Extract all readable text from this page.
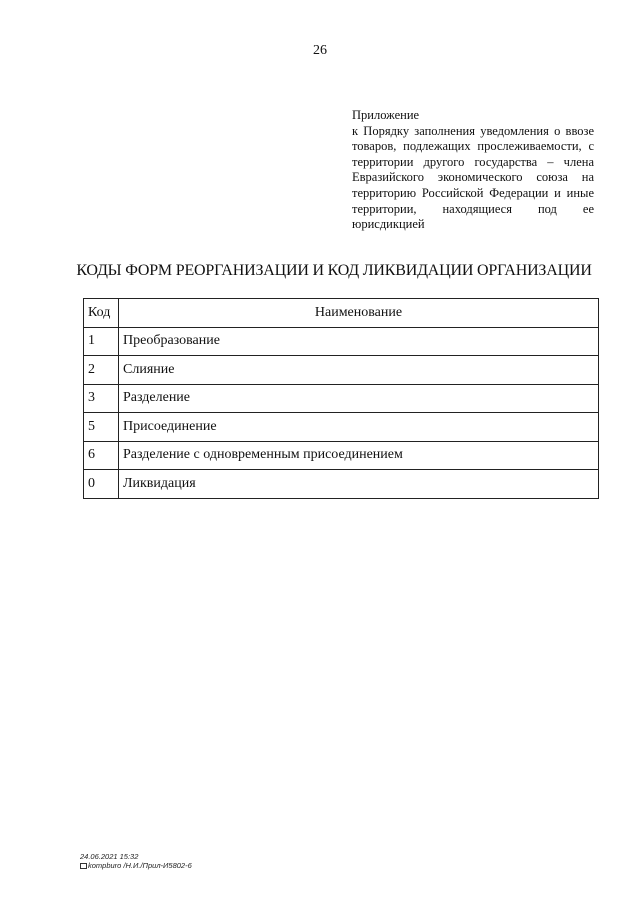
26
Приложение
к Порядку заполнения уведомления о ввозе
товаров, подлежащих прослеживаемости, с
территории другого государства – члена
Евразийского экономического союза на
территорию Российской Федерации и иные
территории, находящиеся под ее
юрисдикцией
КОДЫ ФОРМ РЕОРГАНИЗАЦИИ И КОД ЛИКВИДАЦИИ ОРГАНИЗАЦИИ
Код	Наименование
1	Преобразование
2	Слияние
3	Разделение
5	Присоединение
6	Разделение с одновременным присоединением
0	Ликвидация
24.06.2021 15:32
kompburo /Н.И./Прил-И5802-6
